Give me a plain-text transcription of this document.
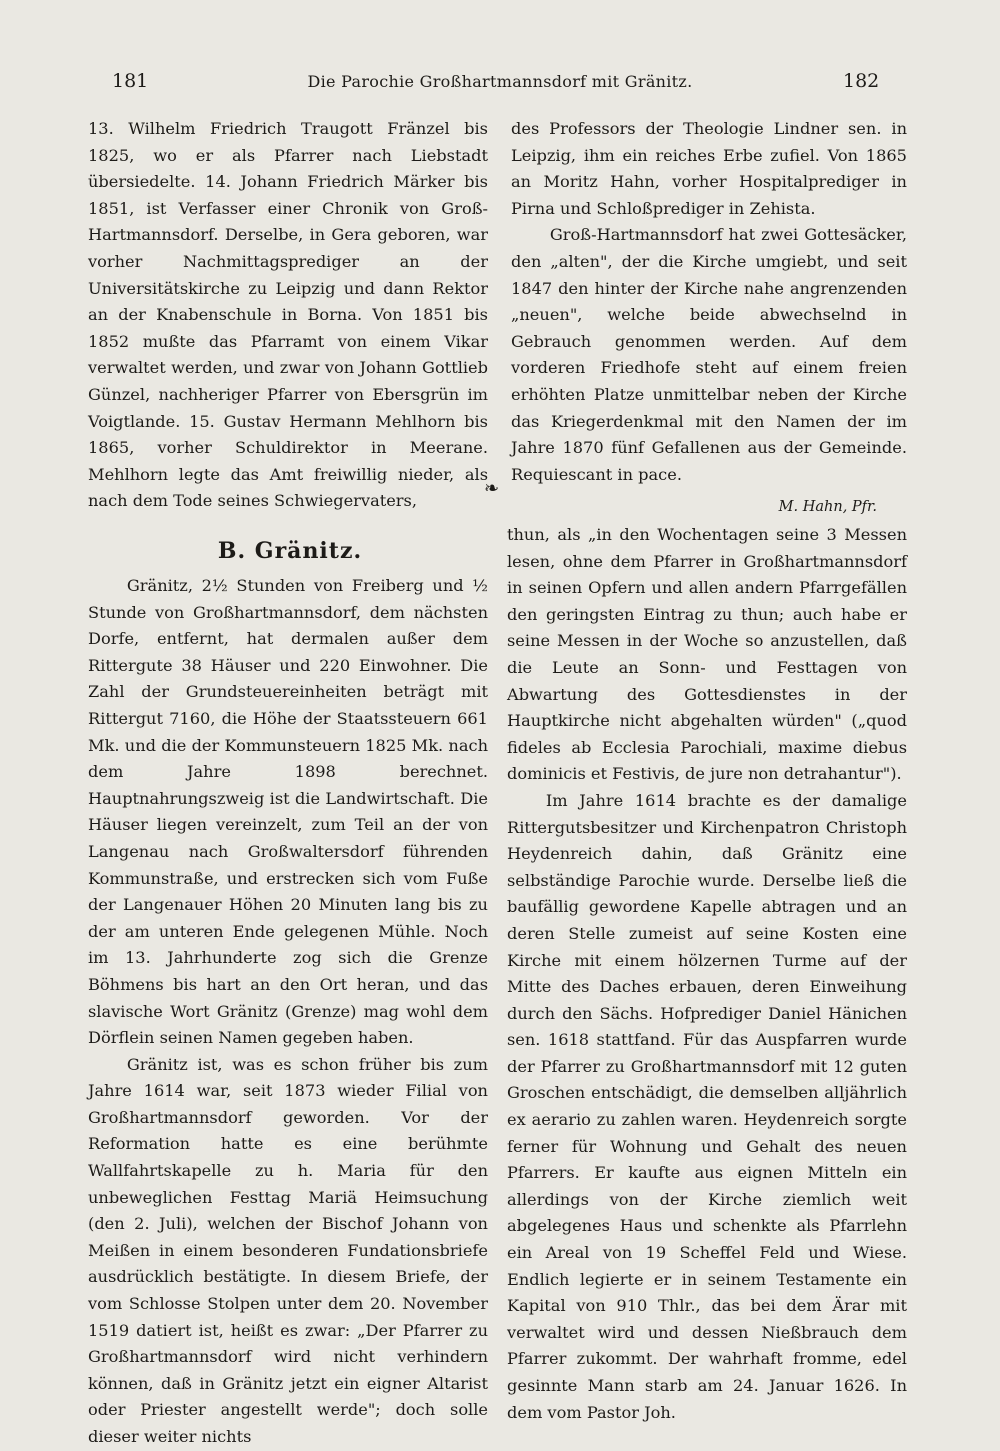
181	Die Parochie Großhartmannsdorf mit Gränitz.	182

13. Wilhelm Friedrich Traugott Fränzel bis 1825, wo er als Pfarrer nach Liebstadt übersiedelte. 14. Johann Friedrich Märker bis 1851, ist Verfasser einer Chronik von Groß-Hartmannsdorf. Derselbe, in Gera geboren, war vorher Nachmittagsprediger an der Universitätskirche zu Leipzig und dann Rektor an der Knabenschule in Borna. Von 1851 bis 1852 mußte das Pfarramt von einem Vikar verwaltet werden, und zwar von Johann Gottlieb Günzel, nachheriger Pfarrer von Ebersgrün im Voigtlande. 15. Gustav Hermann Mehlhorn bis 1865, vorher Schuldirektor in Meerane. Mehlhorn legte das Amt freiwillig nieder, als nach dem Tode seines Schwiegervaters,

des Professors der Theologie Lindner sen. in Leipzig, ihm ein reiches Erbe zufiel. Von 1865 an Moritz Hahn, vorher Hospitalprediger in Pirna und Schloßprediger in Zehista.

Groß-Hartmannsdorf hat zwei Gottesäcker, den „alten", der die Kirche umgiebt, und seit 1847 den hinter der Kirche nahe angrenzenden „neuen", welche beide abwechselnd in Gebrauch genommen werden. Auf dem vorderen Friedhofe steht auf einem freien erhöhten Platze unmittelbar neben der Kirche das Kriegerdenkmal mit den Namen der im Jahre 1870 fünf Gefallenen aus der Gemeinde. Requiescant in pace.

M. Hahn, Pfr.

❧
B. Gränitz.

Gränitz, 2½ Stunden von Freiberg und ½ Stunde von Großhartmannsdorf, dem nächsten Dorfe, entfernt, hat dermalen außer dem Rittergute 38 Häuser und 220 Einwohner. Die Zahl der Grundsteuereinheiten beträgt mit Rittergut 7160, die Höhe der Staatssteuern 661 Mk. und die der Kommunsteuern 1825 Mk. nach dem Jahre 1898 berechnet. Hauptnahrungszweig ist die Landwirtschaft. Die Häuser liegen vereinzelt, zum Teil an der von Langenau nach Großwaltersdorf führenden Kommunstraße, und erstrecken sich vom Fuße der Langenauer Höhen 20 Minuten lang bis zu der am unteren Ende gelegenen Mühle. Noch im 13. Jahrhunderte zog sich die Grenze Böhmens bis hart an den Ort heran, und das slavische Wort Gränitz (Grenze) mag wohl dem Dörflein seinen Namen gegeben haben.

Gränitz ist, was es schon früher bis zum Jahre 1614 war, seit 1873 wieder Filial von Großhartmannsdorf geworden. Vor der Reformation hatte es eine berühmte Wallfahrtskapelle zu h. Maria für den unbeweglichen Festtag Mariä Heimsuchung (den 2. Juli), welchen der Bischof Johann von Meißen in einem besonderen Fundationsbriefe ausdrücklich bestätigte. In diesem Briefe, der vom Schlosse Stolpen unter dem 20. November 1519 datiert ist, heißt es zwar: „Der Pfarrer zu Großhartmannsdorf wird nicht verhindern können, daß in Gränitz jetzt ein eigner Altarist oder Priester angestellt werde"; doch solle dieser weiter nichts

thun, als „in den Wochentagen seine 3 Messen lesen, ohne dem Pfarrer in Großhartmannsdorf in seinen Opfern und allen andern Pfarrgefällen den geringsten Eintrag zu thun; auch habe er seine Messen in der Woche so anzustellen, daß die Leute an Sonn- und Festtagen von Abwartung des Gottesdienstes in der Hauptkirche nicht abgehalten würden" („quod fideles ab Ecclesia Parochiali, maxime diebus dominicis et Festivis, de jure non detrahantur").

Im Jahre 1614 brachte es der damalige Rittergutsbesitzer und Kirchenpatron Christoph Heydenreich dahin, daß Gränitz eine selbständige Parochie wurde. Derselbe ließ die baufällig gewordene Kapelle abtragen und an deren Stelle zumeist auf seine Kosten eine Kirche mit einem hölzernen Turme auf der Mitte des Daches erbauen, deren Einweihung durch den Sächs. Hofprediger Daniel Hänichen sen. 1618 stattfand. Für das Auspfarren wurde der Pfarrer zu Großhartmannsdorf mit 12 guten Groschen entschädigt, die demselben alljährlich ex aerario zu zahlen waren. Heydenreich sorgte ferner für Wohnung und Gehalt des neuen Pfarrers. Er kaufte aus eignen Mitteln ein allerdings von der Kirche ziemlich weit abgelegenes Haus und schenkte als Pfarrlehn ein Areal von 19 Scheffel Feld und Wiese. Endlich legierte er in seinem Testamente ein Kapital von 910 Thlr., das bei dem Ärar mit verwaltet wird und dessen Nießbrauch dem Pfarrer zukommt. Der wahrhaft fromme, edel gesinnte Mann starb am 24. Januar 1626. In dem vom Pastor Joh.
